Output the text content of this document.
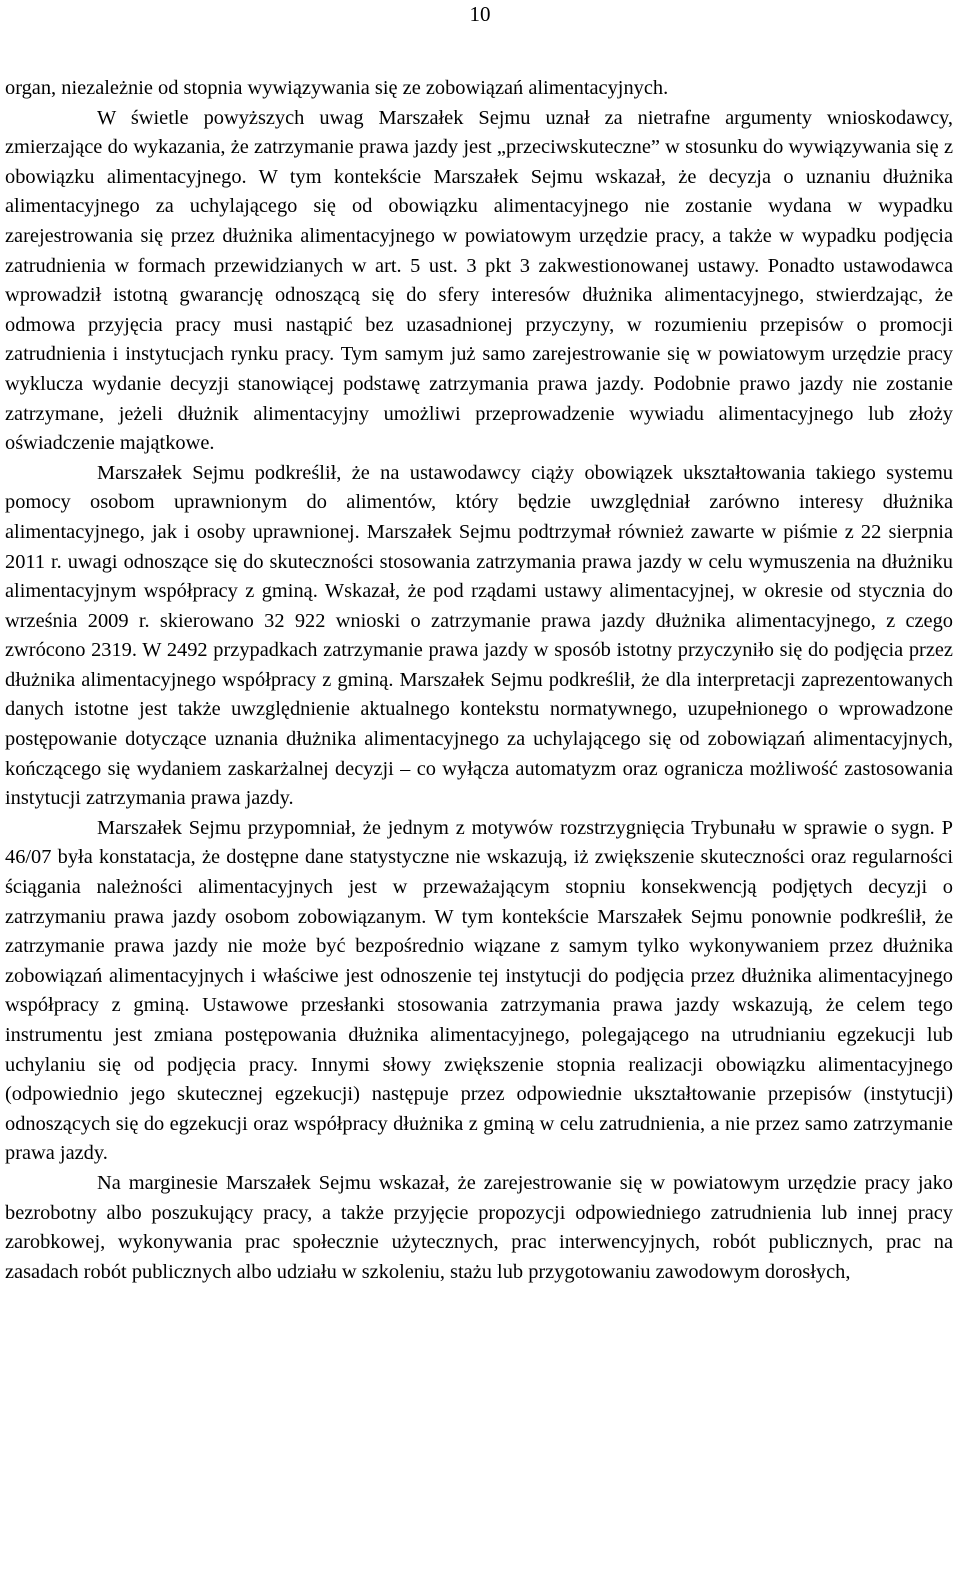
10

organ, niezależnie od stopnia wywiązywania się ze zobowiązań alimentacyjnych.

W świetle powyższych uwag Marszałek Sejmu uznał za nietrafne argumenty wnioskodawcy, zmierzające do wykazania, że zatrzymanie prawa jazdy jest „przeciwskuteczne” w stosunku do wywiązywania się z obowiązku alimentacyjnego. W tym kontekście Marszałek Sejmu wskazał, że decyzja o uznaniu dłużnika alimentacyjnego za uchylającego się od obowiązku alimentacyjnego nie zostanie wydana w wypadku zarejestrowania się przez dłużnika alimentacyjnego w powiatowym urzędzie pracy, a także w wypadku podjęcia zatrudnienia w formach przewidzianych w art. 5 ust. 3 pkt 3 zakwestionowanej ustawy. Ponadto ustawodawca wprowadził istotną gwarancję odnoszącą się do sfery interesów dłużnika alimentacyjnego, stwierdzając, że odmowa przyjęcia pracy musi nastąpić bez uzasadnionej przyczyny, w rozumieniu przepisów o promocji zatrudnienia i instytucjach rynku pracy. Tym samym już samo zarejestrowanie się w powiatowym urzędzie pracy wyklucza wydanie decyzji stanowiącej podstawę zatrzymania prawa jazdy. Podobnie prawo jazdy nie zostanie zatrzymane, jeżeli dłużnik alimentacyjny umożliwi przeprowadzenie wywiadu alimentacyjnego lub złoży oświadczenie majątkowe.

Marszałek Sejmu podkreślił, że na ustawodawcy ciąży obowiązek ukształtowania takiego systemu pomocy osobom uprawnionym do alimentów, który będzie uwzględniał zarówno interesy dłużnika alimentacyjnego, jak i osoby uprawnionej. Marszałek Sejmu podtrzymał również zawarte w piśmie z 22 sierpnia 2011 r. uwagi odnoszące się do skuteczności stosowania zatrzymania prawa jazdy w celu wymuszenia na dłużniku alimentacyjnym współpracy z gminą. Wskazał, że pod rządami ustawy alimentacyjnej, w okresie od stycznia do września 2009 r. skierowano 32 922 wnioski o zatrzymanie prawa jazdy dłużnika alimentacyjnego, z czego zwrócono 2319. W 2492 przypadkach zatrzymanie prawa jazdy w sposób istotny przyczyniło się do podjęcia przez dłużnika alimentacyjnego współpracy z gminą. Marszałek Sejmu podkreślił, że dla interpretacji zaprezentowanych danych istotne jest także uwzględnienie aktualnego kontekstu normatywnego, uzupełnionego o wprowadzone postępowanie dotyczące uznania dłużnika alimentacyjnego za uchylającego się od zobowiązań alimentacyjnych, kończącego się wydaniem zaskarżalnej decyzji – co wyłącza automatyzm oraz ogranicza możliwość zastosowania instytucji zatrzymania prawa jazdy.

Marszałek Sejmu przypomniał, że jednym z motywów rozstrzygnięcia Trybunału w sprawie o sygn. P 46/07 była konstatacja, że dostępne dane statystyczne nie wskazują, iż zwiększenie skuteczności oraz regularności ściągania należności alimentacyjnych jest w przeważającym stopniu konsekwencją podjętych decyzji o zatrzymaniu prawa jazdy osobom zobowiązanym. W tym kontekście Marszałek Sejmu ponownie podkreślił, że zatrzymanie prawa jazdy nie może być bezpośrednio wiązane z samym tylko wykonywaniem przez dłużnika zobowiązań alimentacyjnych i właściwe jest odnoszenie tej instytucji do podjęcia przez dłużnika alimentacyjnego współpracy z gminą. Ustawowe przesłanki stosowania zatrzymania prawa jazdy wskazują, że celem tego instrumentu jest zmiana postępowania dłużnika alimentacyjnego, polegającego na utrudnianiu egzekucji lub uchylaniu się od podjęcia pracy. Innymi słowy zwiększenie stopnia realizacji obowiązku alimentacyjnego (odpowiednio jego skutecznej egzekucji) następuje przez odpowiednie ukształtowanie przepisów (instytucji) odnoszących się do egzekucji oraz współpracy dłużnika z gminą w celu zatrudnienia, a nie przez samo zatrzymanie prawa jazdy.

Na marginesie Marszałek Sejmu wskazał, że zarejestrowanie się w powiatowym urzędzie pracy jako bezrobotny albo poszukujący pracy, a także przyjęcie propozycji odpowiedniego zatrudnienia lub innej pracy zarobkowej, wykonywania prac społecznie użytecznych, prac interwencyjnych, robót publicznych, prac na zasadach robót publicznych albo udziału w szkoleniu, stażu lub przygotowaniu zawodowym dorosłych,
